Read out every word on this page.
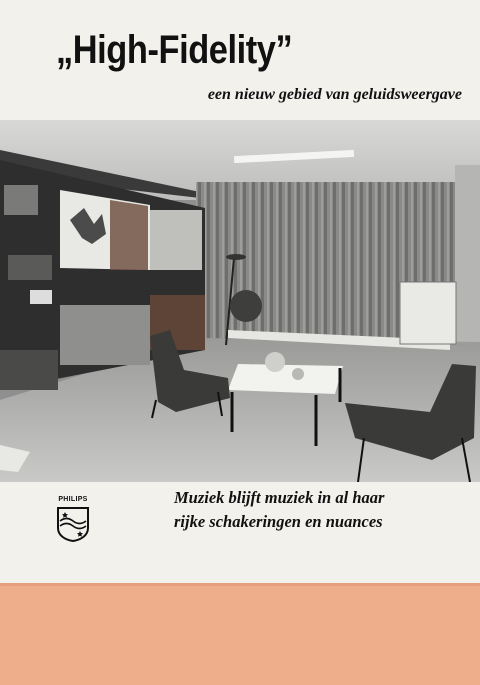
„High-Fidelity”
een nieuw gebied van geluidsweergave
PHILIPS	Muziek blijft muziek in al haar
rijke schakeringen en nuances
